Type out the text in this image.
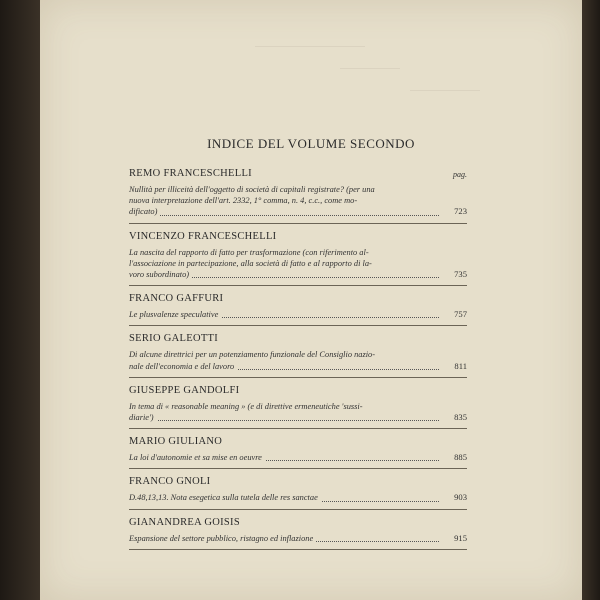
INDICE DEL VOLUME SECONDO
REMO FRANCESCHELLI	pag.
Nullità per illiceità dell'oggetto di società di capitali registrate? (per una
nuova interpretazione dell'art. 2332, 1° comma, n. 4, c.c., come mo-
dificato)	723
VINCENZO FRANCESCHELLI
La nascita del rapporto di fatto per trasformazione (con riferimento al-
l'associazione in partecipazione, alla società di fatto e al rapporto di la-
voro subordinato)	735
FRANCO GAFFURI
Le plusvalenze speculative	757
SERIO GALEOTTI
Di alcune direttrici per un potenziamento funzionale del Consiglio nazio-
nale dell'economia e del lavoro	811
GIUSEPPE GANDOLFI
In tema di « reasonable meaning » (e di direttive ermeneutiche 'sussi-
diarie')	835
MARIO GIULIANO
La loi d'autonomie et sa mise en oeuvre	885
FRANCO GNOLI
D.48,13,13. Nota esegetica sulla tutela delle res sanctae	903
GIANANDREA GOISIS
Espansione del settore pubblico, ristagno ed inflazione	915
